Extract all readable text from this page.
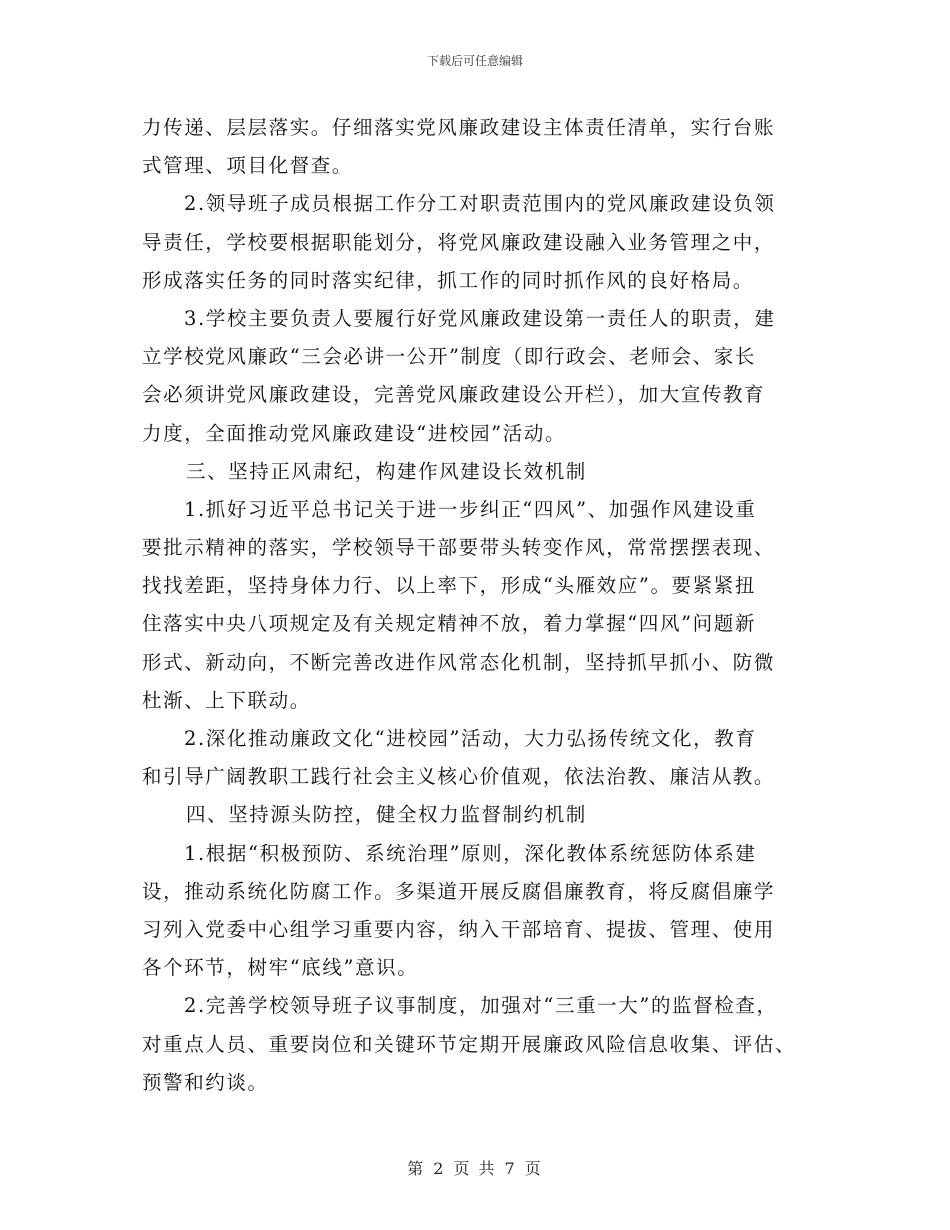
下载后可任意编辑
力传递、层层落实。仔细落实党风廉政建设主体责任清单，实行台账
式管理、项目化督查。
2.领导班子成员根据工作分工对职责范围内的党风廉政建设负领
导责任，学校要根据职能划分，将党风廉政建设融入业务管理之中，
形成落实任务的同时落实纪律，抓工作的同时抓作风的良好格局。
3.学校主要负责人要履行好党风廉政建设第一责任人的职责，建
立学校党风廉政“三会必讲一公开”制度（即行政会、老师会、家长
会必须讲党风廉政建设，完善党风廉政建设公开栏），加大宣传教育
力度，全面推动党风廉政建设“进校园”活动。
三、坚持正风肃纪，构建作风建设长效机制
1.抓好习近平总书记关于进一步纠正“四风”、加强作风建设重
要批示精神的落实，学校领导干部要带头转变作风，常常摆摆表现、
找找差距，坚持身体力行、以上率下，形成“头雁效应”。要紧紧扭
住落实中央八项规定及有关规定精神不放，着力掌握“四风”问题新
形式、新动向，不断完善改进作风常态化机制，坚持抓早抓小、防微
杜渐、上下联动。
2.深化推动廉政文化“进校园”活动，大力弘扬传统文化，教育
和引导广阔教职工践行社会主义核心价值观，依法治教、廉洁从教。
四、坚持源头防控，健全权力监督制约机制
1.根据“积极预防、系统治理”原则，深化教体系统惩防体系建
设，推动系统化防腐工作。多渠道开展反腐倡廉教育，将反腐倡廉学
习列入党委中心组学习重要内容，纳入干部培育、提拔、管理、使用
各个环节，树牢“底线”意识。
2.完善学校领导班子议事制度，加强对“三重一大”的监督检查，
对重点人员、重要岗位和关键环节定期开展廉政风险信息收集、评估、
预警和约谈。
第 2 页 共 7 页
